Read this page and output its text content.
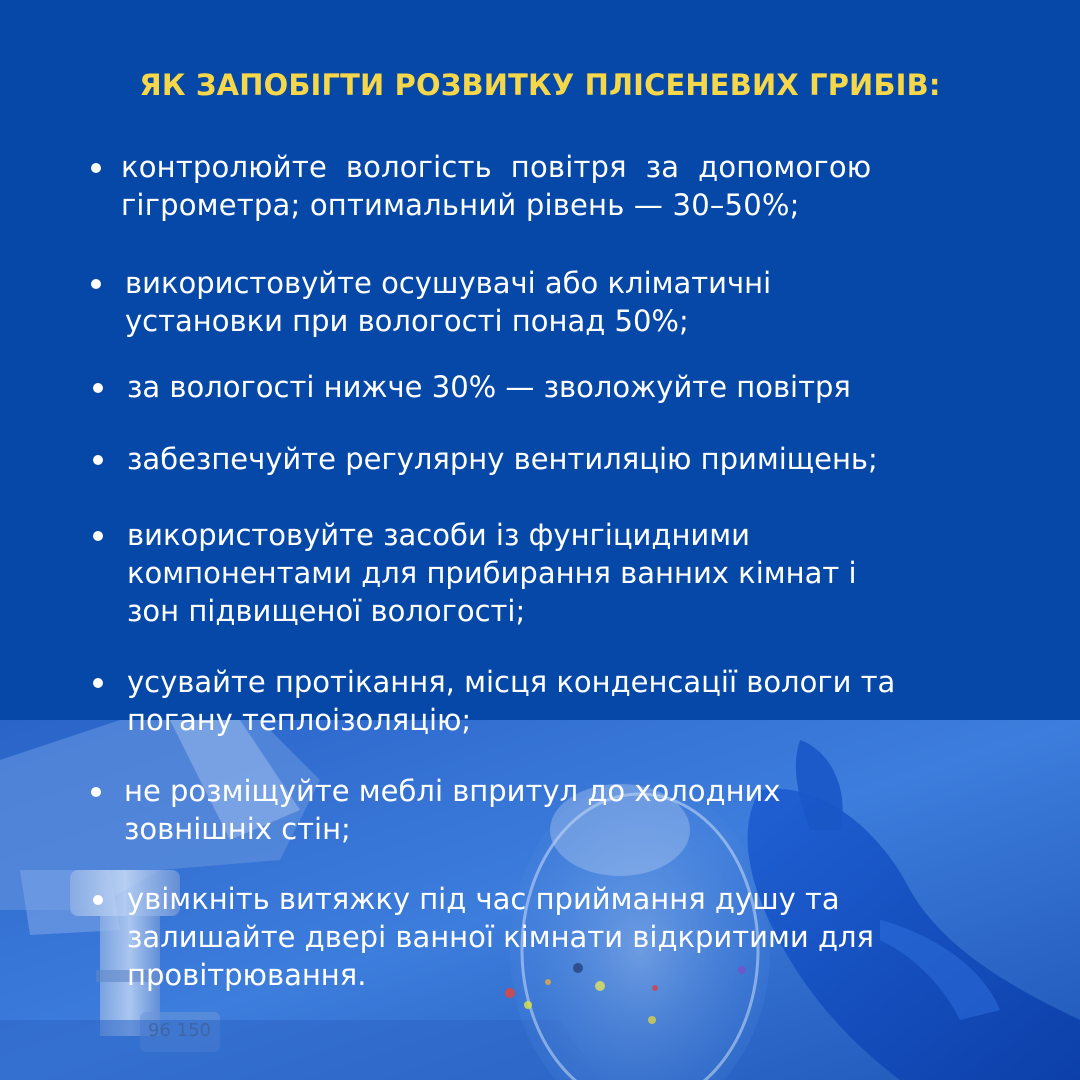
96 150
ЯК ЗАПОБІГТИ РОЗВИТКУ ПЛІСЕНЕВИХ ГРИБІВ:
контролюйте  вологість  повітря  за  допомогою
гігрометра; оптимальний рівень — 30–50%;
використовуйте осушувачі або кліматичні
установки при вологості понад 50%;
за вологості нижче 30% — зволожуйте повітря
забезпечуйте регулярну вентиляцію приміщень;
використовуйте засоби із фунгіцидними
компонентами для прибирання ванних кімнат і
зон підвищеної вологості;
усувайте протікання, місця конденсації вологи та
погану теплоізоляцію;
не розміщуйте меблі впритул до холодних
зовнішніх стін;
увімкніть витяжку під час приймання душу та
залишайте двері ванної кімнати відкритими для
провітрювання.
